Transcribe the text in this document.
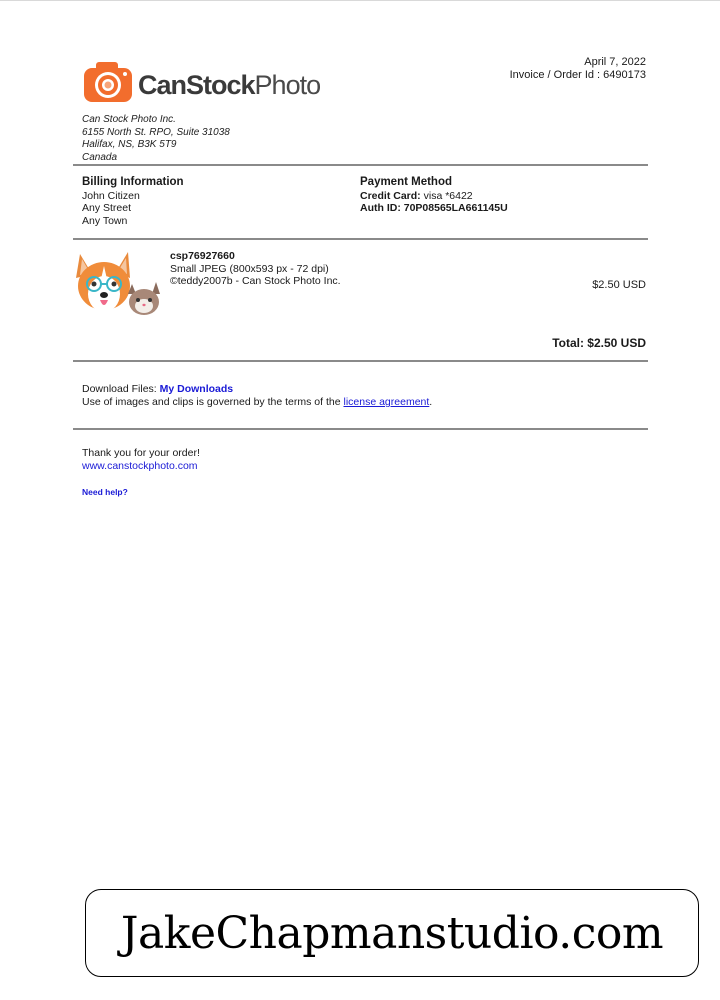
CanStockPhoto
April 7, 2022
Invoice / Order Id : 6490173
Can Stock Photo Inc.
6155 North St. RPO, Suite 31038
Halifax, NS, B3K 5T9
Canada
Billing Information
John Citizen
Any Street
Any Town
Payment Method
Credit Card: visa *6422
Auth ID: 70P08565LA661145U
csp76927660
Small JPEG (800x593 px - 72 dpi)
©teddy2007b - Can Stock Photo Inc.	$2.50 USD
Total: $2.50 USD
Download Files: My Downloads
Use of images and clips is governed by the terms of the license agreement.
Thank you for your order!
www.canstockphoto.com
Need help?
JakeChapmanstudio.com
